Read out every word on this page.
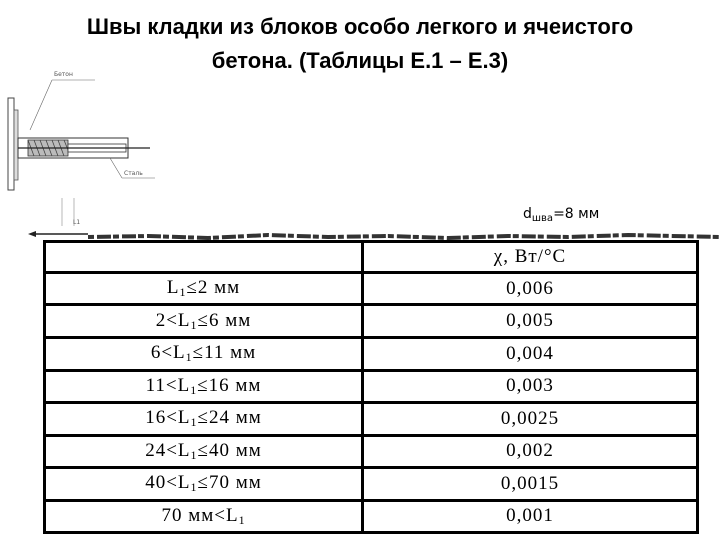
Швы кладки из блоков особо легкого и ячеистого
бетона. (Таблицы Е.1 – Е.3)
Бетон
Сталь
L1
$d_{шва}=8$ мм
	χ, Вт/°C
$L_1\le 2$ мм	0,006
$2<L_1\le 6$ мм	0,005
$6<L_1\le 11$ мм	0,004
$11<L_1\le 16$ мм	0,003
$16<L_1\le 24$ мм	0,0025
$24<L_1\le 40$ мм	0,002
$40<L_1\le 70$ мм	0,0015
70 $мм<L_1$	0,001
